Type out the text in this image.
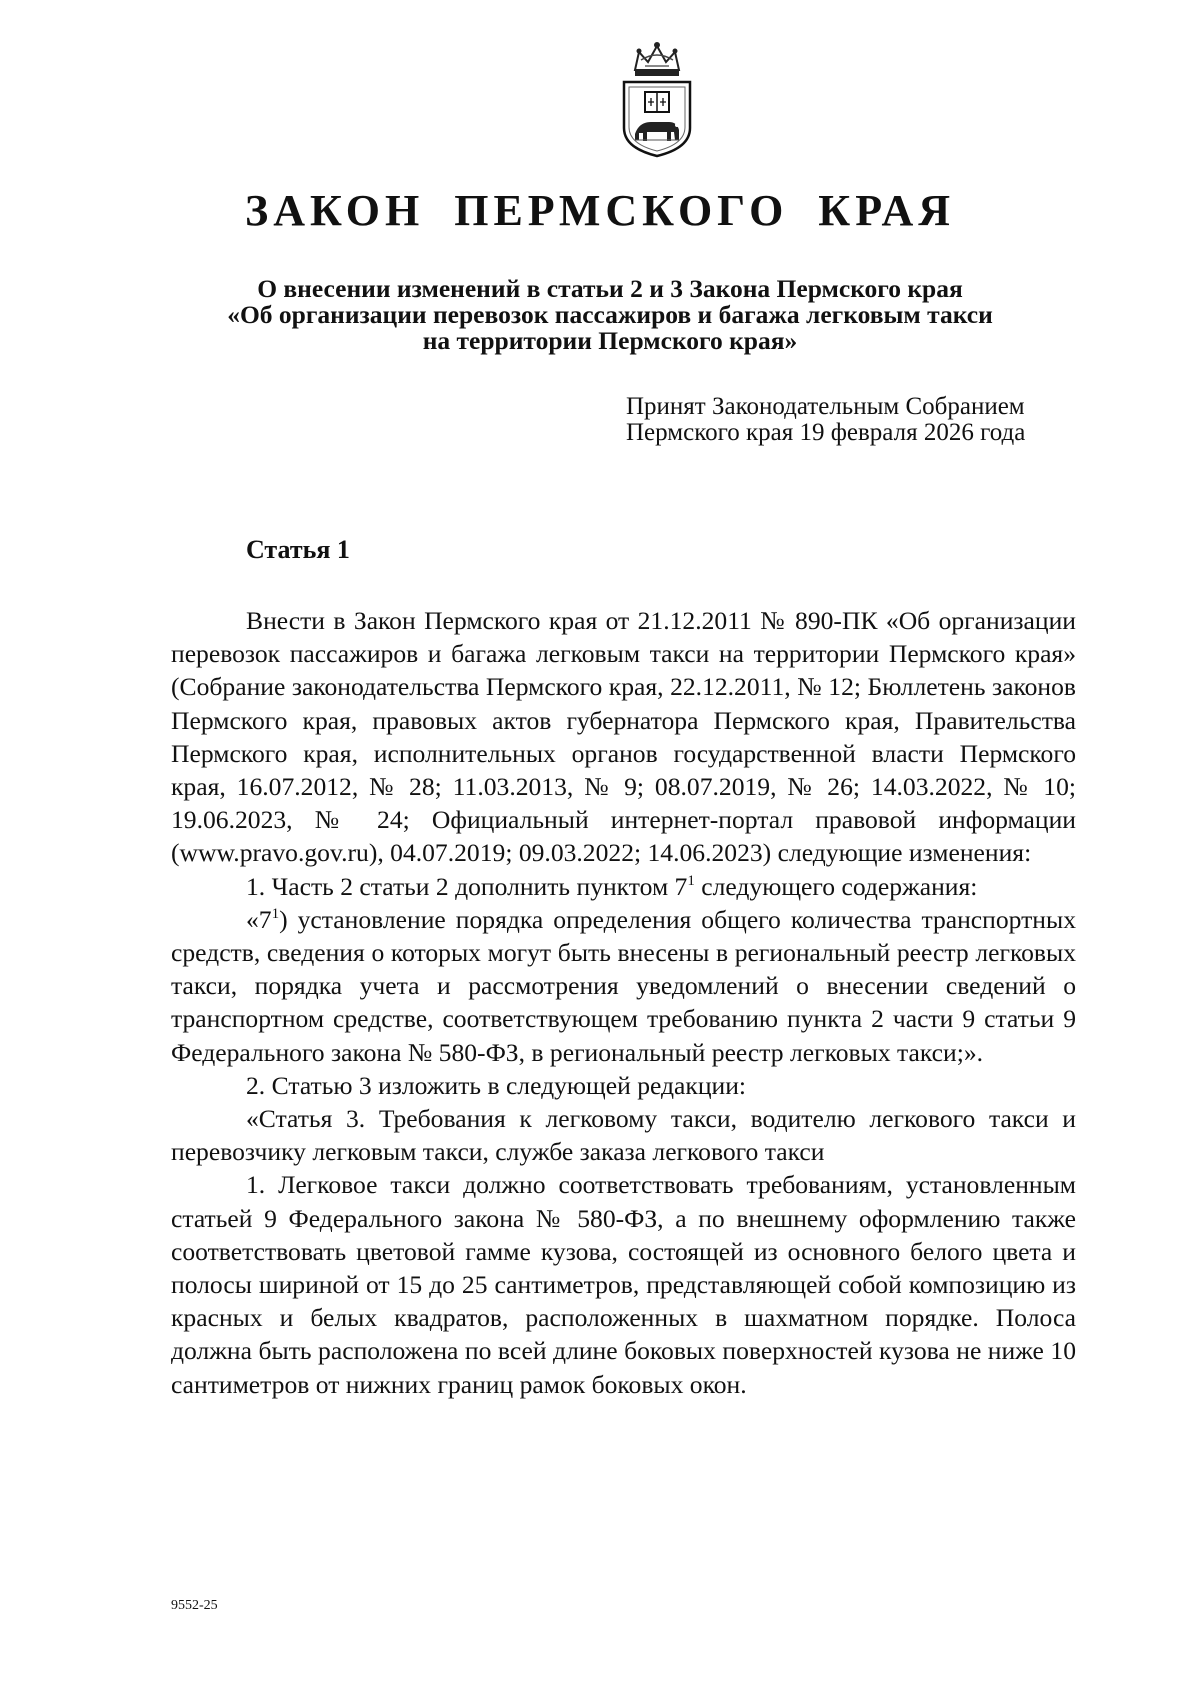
ЗАКОН ПЕРМСКОГО КРАЯ
О внесении изменений в статьи 2 и 3 Закона Пермского края
«Об организации перевозок пассажиров и багажа легковым такси
на территории Пермского края»
Принят Законодательным Собранием
Пермского края 19 февраля 2026 года
Статья 1

Внести в Закон Пермского края от 21.12.2011 № 890-ПК «Об организации перевозок пассажиров и багажа легковым такси на территории Пермского края» (Собрание законодательства Пермского края, 22.12.2011, № 12; Бюллетень законов Пермского края, правовых актов губернатора Пермского края, Правительства Пермского края, исполнительных органов государственной власти Пермского края, 16.07.2012, № 28; 11.03.2013, № 9; 08.07.2019, № 26; 14.03.2022, № 10; 19.06.2023, № 24; Официальный интернет-портал правовой информации (www.pravo.gov.ru), 04.07.2019; 09.03.2022; 14.06.2023) следующие изменения:

1. Часть 2 статьи 2 дополнить пунктом $7^1$ следующего содержания:

«$7^1$) установление порядка определения общего количества транспортных средств, сведения о которых могут быть внесены в региональный реестр легковых такси, порядка учета и рассмотрения уведомлений о внесении сведений о транспортном средстве, соответствующем требованию пункта 2 части 9 статьи 9 Федерального закона № 580-ФЗ, в региональный реестр легковых такси;».

2. Статью 3 изложить в следующей редакции:

«Статья 3. Требования к легковому такси, водителю легкового такси и перевозчику легковым такси, службе заказа легкового такси

1. Легковое такси должно соответствовать требованиям, установленным статьей 9 Федерального закона № 580-ФЗ, а по внешнему оформлению также соответствовать цветовой гамме кузова, состоящей из основного белого цвета и полосы шириной от 15 до 25 сантиметров, представляющей собой композицию из красных и белых квадратов, расположенных в шахматном порядке. Полоса должна быть расположена по всей длине боковых поверхностей кузова не ниже 10 сантиметров от нижних границ рамок боковых окон.

9552-25
